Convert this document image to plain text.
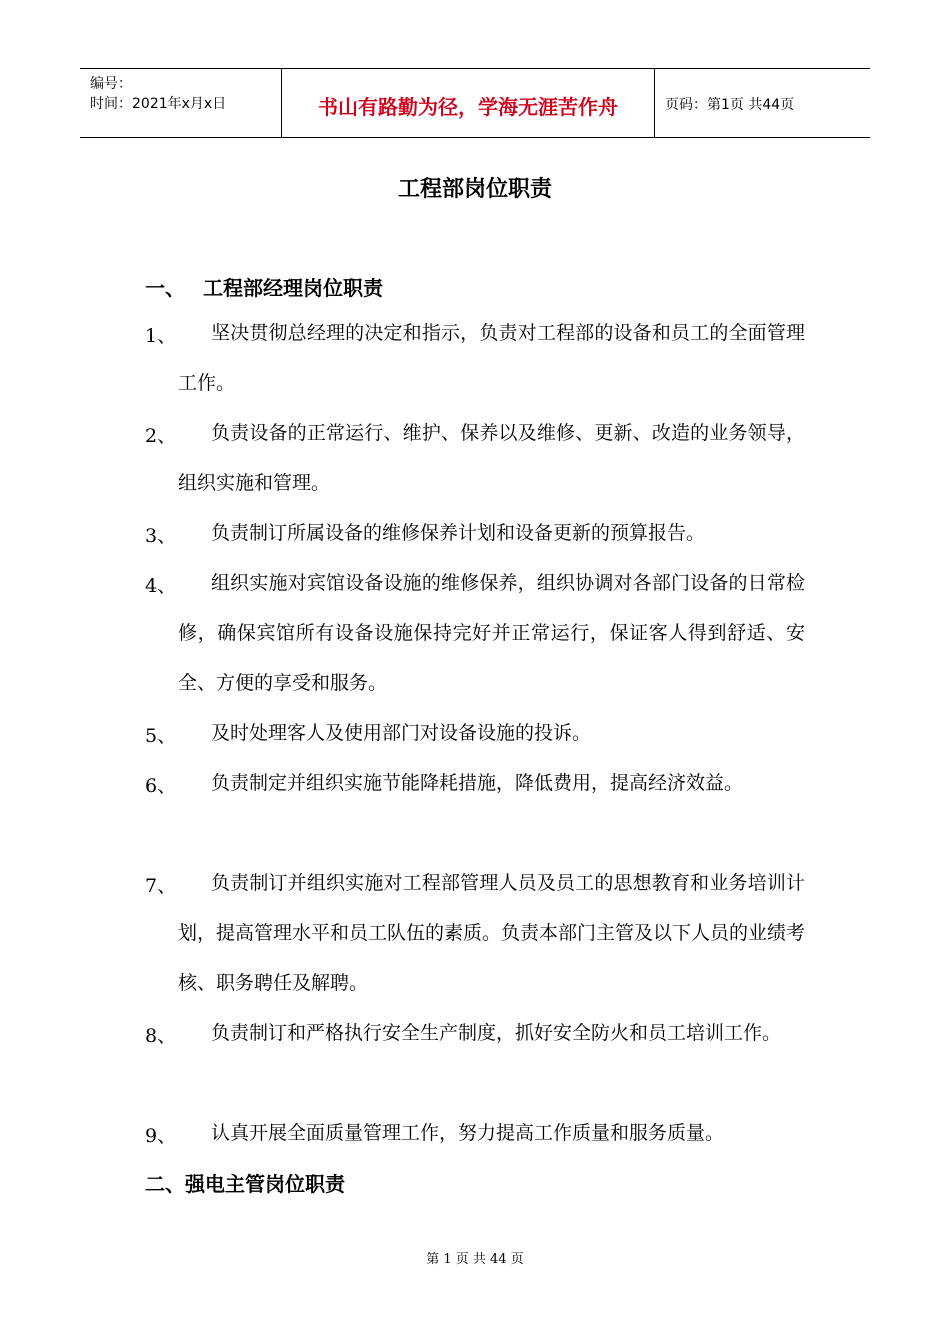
编号：
时间：2021年x月x日	书山有路勤为径，学海无涯苦作舟	页码：第1页 共44页
工程部岗位职责
一、 工程部经理岗位职责
1、	坚决贯彻总经理的决定和指示，负责对工程部的设备和员工的全面管理工作。
2、	负责设备的正常运行、维护、保养以及维修、更新、改造的业务领导，组织实施和管理。
3、	负责制订所属设备的维修保养计划和设备更新的预算报告。
4、	组织实施对宾馆设备设施的维修保养，组织协调对各部门设备的日常检修，确保宾馆所有设备设施保持完好并正常运行，保证客人得到舒适、安全、方便的享受和服务。
5、	及时处理客人及使用部门对设备设施的投诉。
6、	负责制定并组织实施节能降耗措施，降低费用，提高经济效益。
7、	负责制订并组织实施对工程部管理人员及员工的思想教育和业务培训计划，提高管理水平和员工队伍的素质。负责本部门主管及以下人员的业绩考核、职务聘任及解聘。
8、	负责制订和严格执行安全生产制度，抓好安全防火和员工培训工作。
9、	认真开展全面质量管理工作，努力提高工作质量和服务质量。
二、强电主管岗位职责
第 1 页 共 44 页
